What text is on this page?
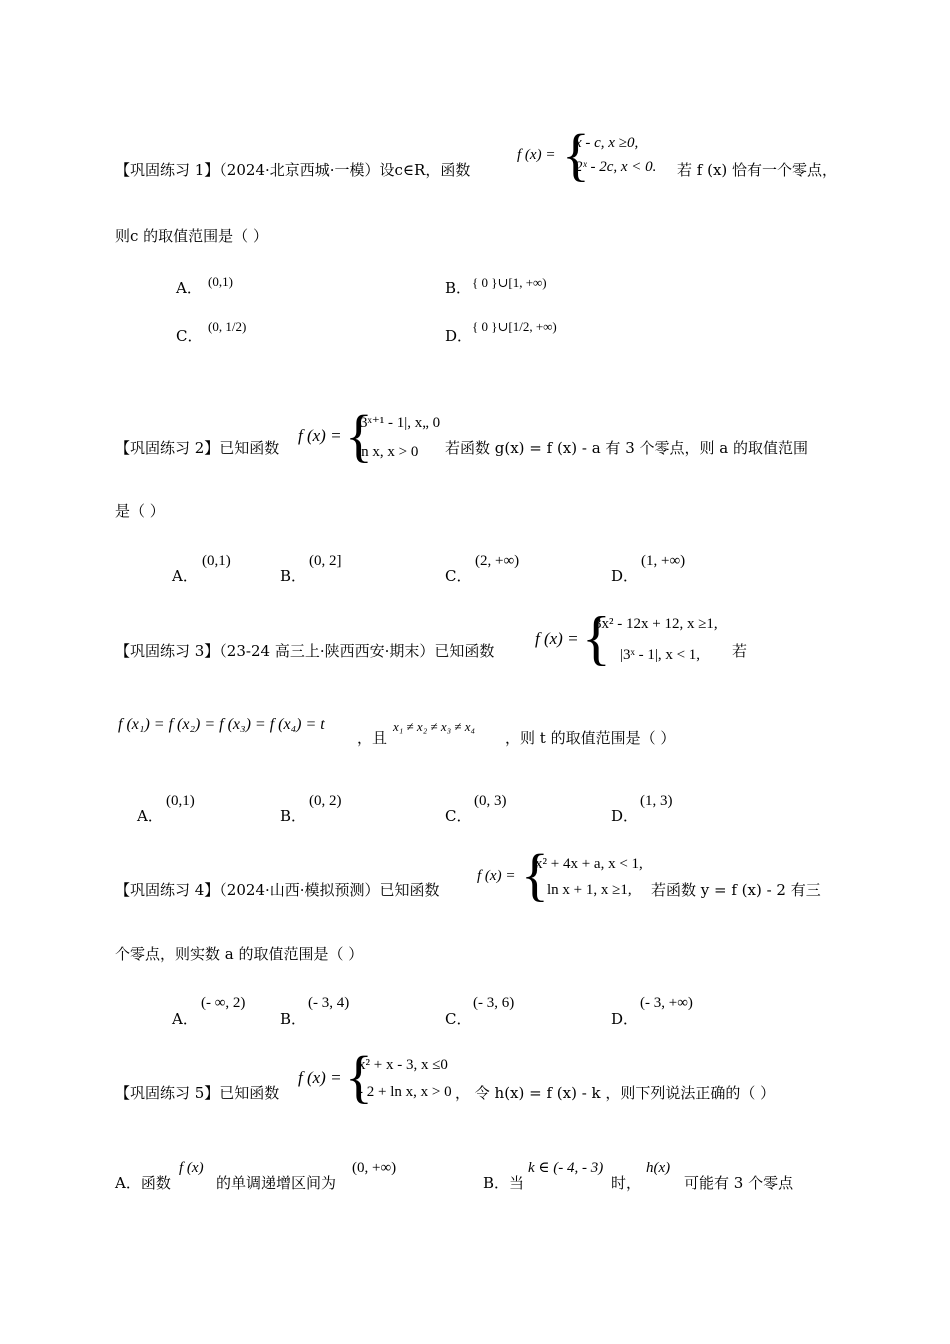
【巩固练习 1】（2024·北京西城·一模）设c∈R，函数
f (x) = {
x - c, x ≥0,
2ˣ - 2c, x < 0. 若 f (x) 恰有一个零点，
则c 的取值范围是（ ）
A． (0,1)	B． { 0 }∪[1, +∞)
C．
(0, 1/2)
D．
{ 0 }∪[1/2, +∞)
【巩固练习 2】已知函数
f (x) = {
|3ˣ⁺¹ - 1|, x„ 0
ln x, x > 0 若函数 g(x) = f (x) - a 有 3 个零点，则 a 的取值范围
是（ ）
A．
(0,1)
B．
(0, 2]
C．
(2, +∞)
D．
(1, +∞)
【巩固练习 3】（23-24 高三上·陕西西安·期末）已知函数
f (x) = {
3x² - 12x + 12, x ≥1,
|3ˣ - 1|, x < 1, 若
f (x₁) = f (x₂) = f (x₃) = f (x₄) = t
，且
x₁ ≠ x₂ ≠ x₃ ≠ x₄
，则 t 的取值范围是（ ）
A．
(0,1)
B．
(0, 2)
C．
(0, 3)
D．
(1, 3)
【巩固练习 4】（2024·山西·模拟预测）已知函数
f (x) = {
x² + 4x + a, x < 1,
ln x + 1, x ≥1, 若函数 y = f (x) - 2 有三
个零点，则实数 a 的取值范围是（ ）
A．
(- ∞, 2)
B．
(- 3, 4)
C．
(- 3, 6)
D．
(- 3, +∞)
【巩固练习 5】已知函数
f (x) = {
x² + x - 3, x ≤0
- 2 + ln x, x > 0 ， 令 h(x) = f (x) - k ，则下列说法正确的（ ）
A．函数
f (x)
的单调递增区间为
(0, +∞)
B．当
k ∈ (- 4, - 3)
时，
h(x)
可能有 3 个零点
